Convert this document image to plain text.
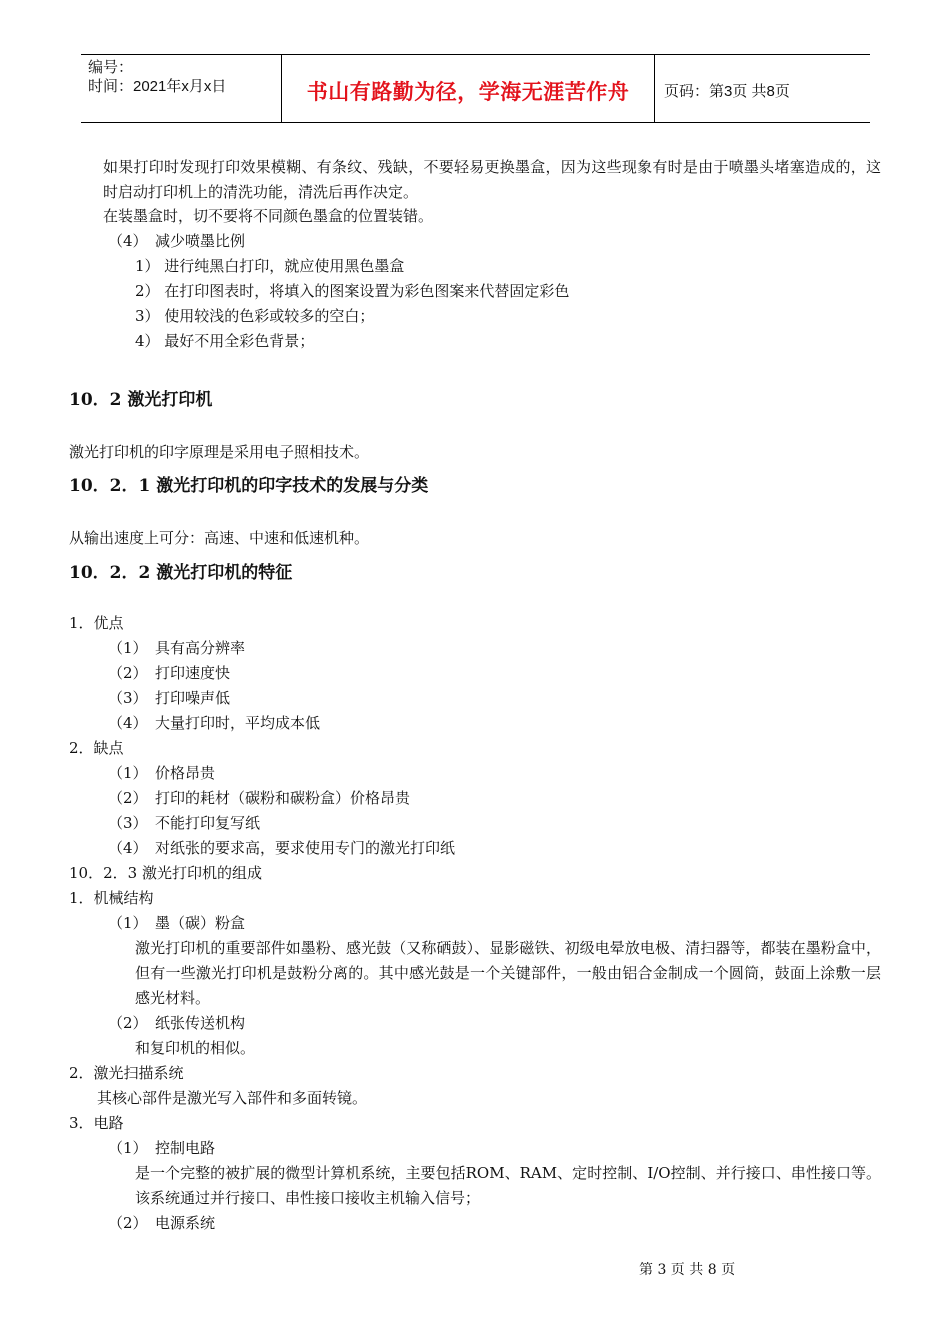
编号：
时间：2021年x月x日	书山有路勤为径，学海无涯苦作舟	页码：第3页 共8页
如果打印时发现打印效果模糊、有条纹、残缺，不要轻易更换墨盒，因为这些现象有时是由于喷墨头堵塞造成的，这时启动打印机上的清洗功能，清洗后再作决定。
在装墨盒时，切不要将不同颜色墨盒的位置装错。
（4）　减少喷墨比例
1） 进行纯黑白打印，就应使用黑色墨盒
2） 在打印图表时，将填入的图案设置为彩色图案来代替固定彩色
3） 使用较浅的色彩或较多的空白；
4） 最好不用全彩色背景；
10．2 激光打印机
激光打印机的印字原理是采用电子照相技术。
10．2．1 激光打印机的印字技术的发展与分类
从输出速度上可分：高速、中速和低速机种。
10．2．2 激光打印机的特征
1．优点
（1）　具有高分辨率
（2）　打印速度快
（3）　打印噪声低
（4）　大量打印时，平均成本低
2．缺点
（1）　价格昂贵
（2）　打印的耗材（碳粉和碳粉盒）价格昂贵
（3）　不能打印复写纸
（4）　对纸张的要求高，要求使用专门的激光打印纸
10．2．3 激光打印机的组成
1．机械结构
（1）　墨（碳）粉盒
激光打印机的重要部件如墨粉、感光鼓（又称硒鼓）、显影磁铁、初级电晕放电极、清扫器等，都装在墨粉盒中，但有一些激光打印机是鼓粉分离的。其中感光鼓是一个关键部件，一般由铝合金制成一个圆筒，鼓面上涂敷一层感光材料。
（2）　纸张传送机构
和复印机的相似。
2．激光扫描系统
其核心部件是激光写入部件和多面转镜。
3．电路
（1）　控制电路
是一个完整的被扩展的微型计算机系统，主要包括ROM、RAM、定时控制、I/O控制、并行接口、串性接口等。该系统通过并行接口、串性接口接收主机输入信号；
（2）　电源系统
第 3 页 共 8 页
